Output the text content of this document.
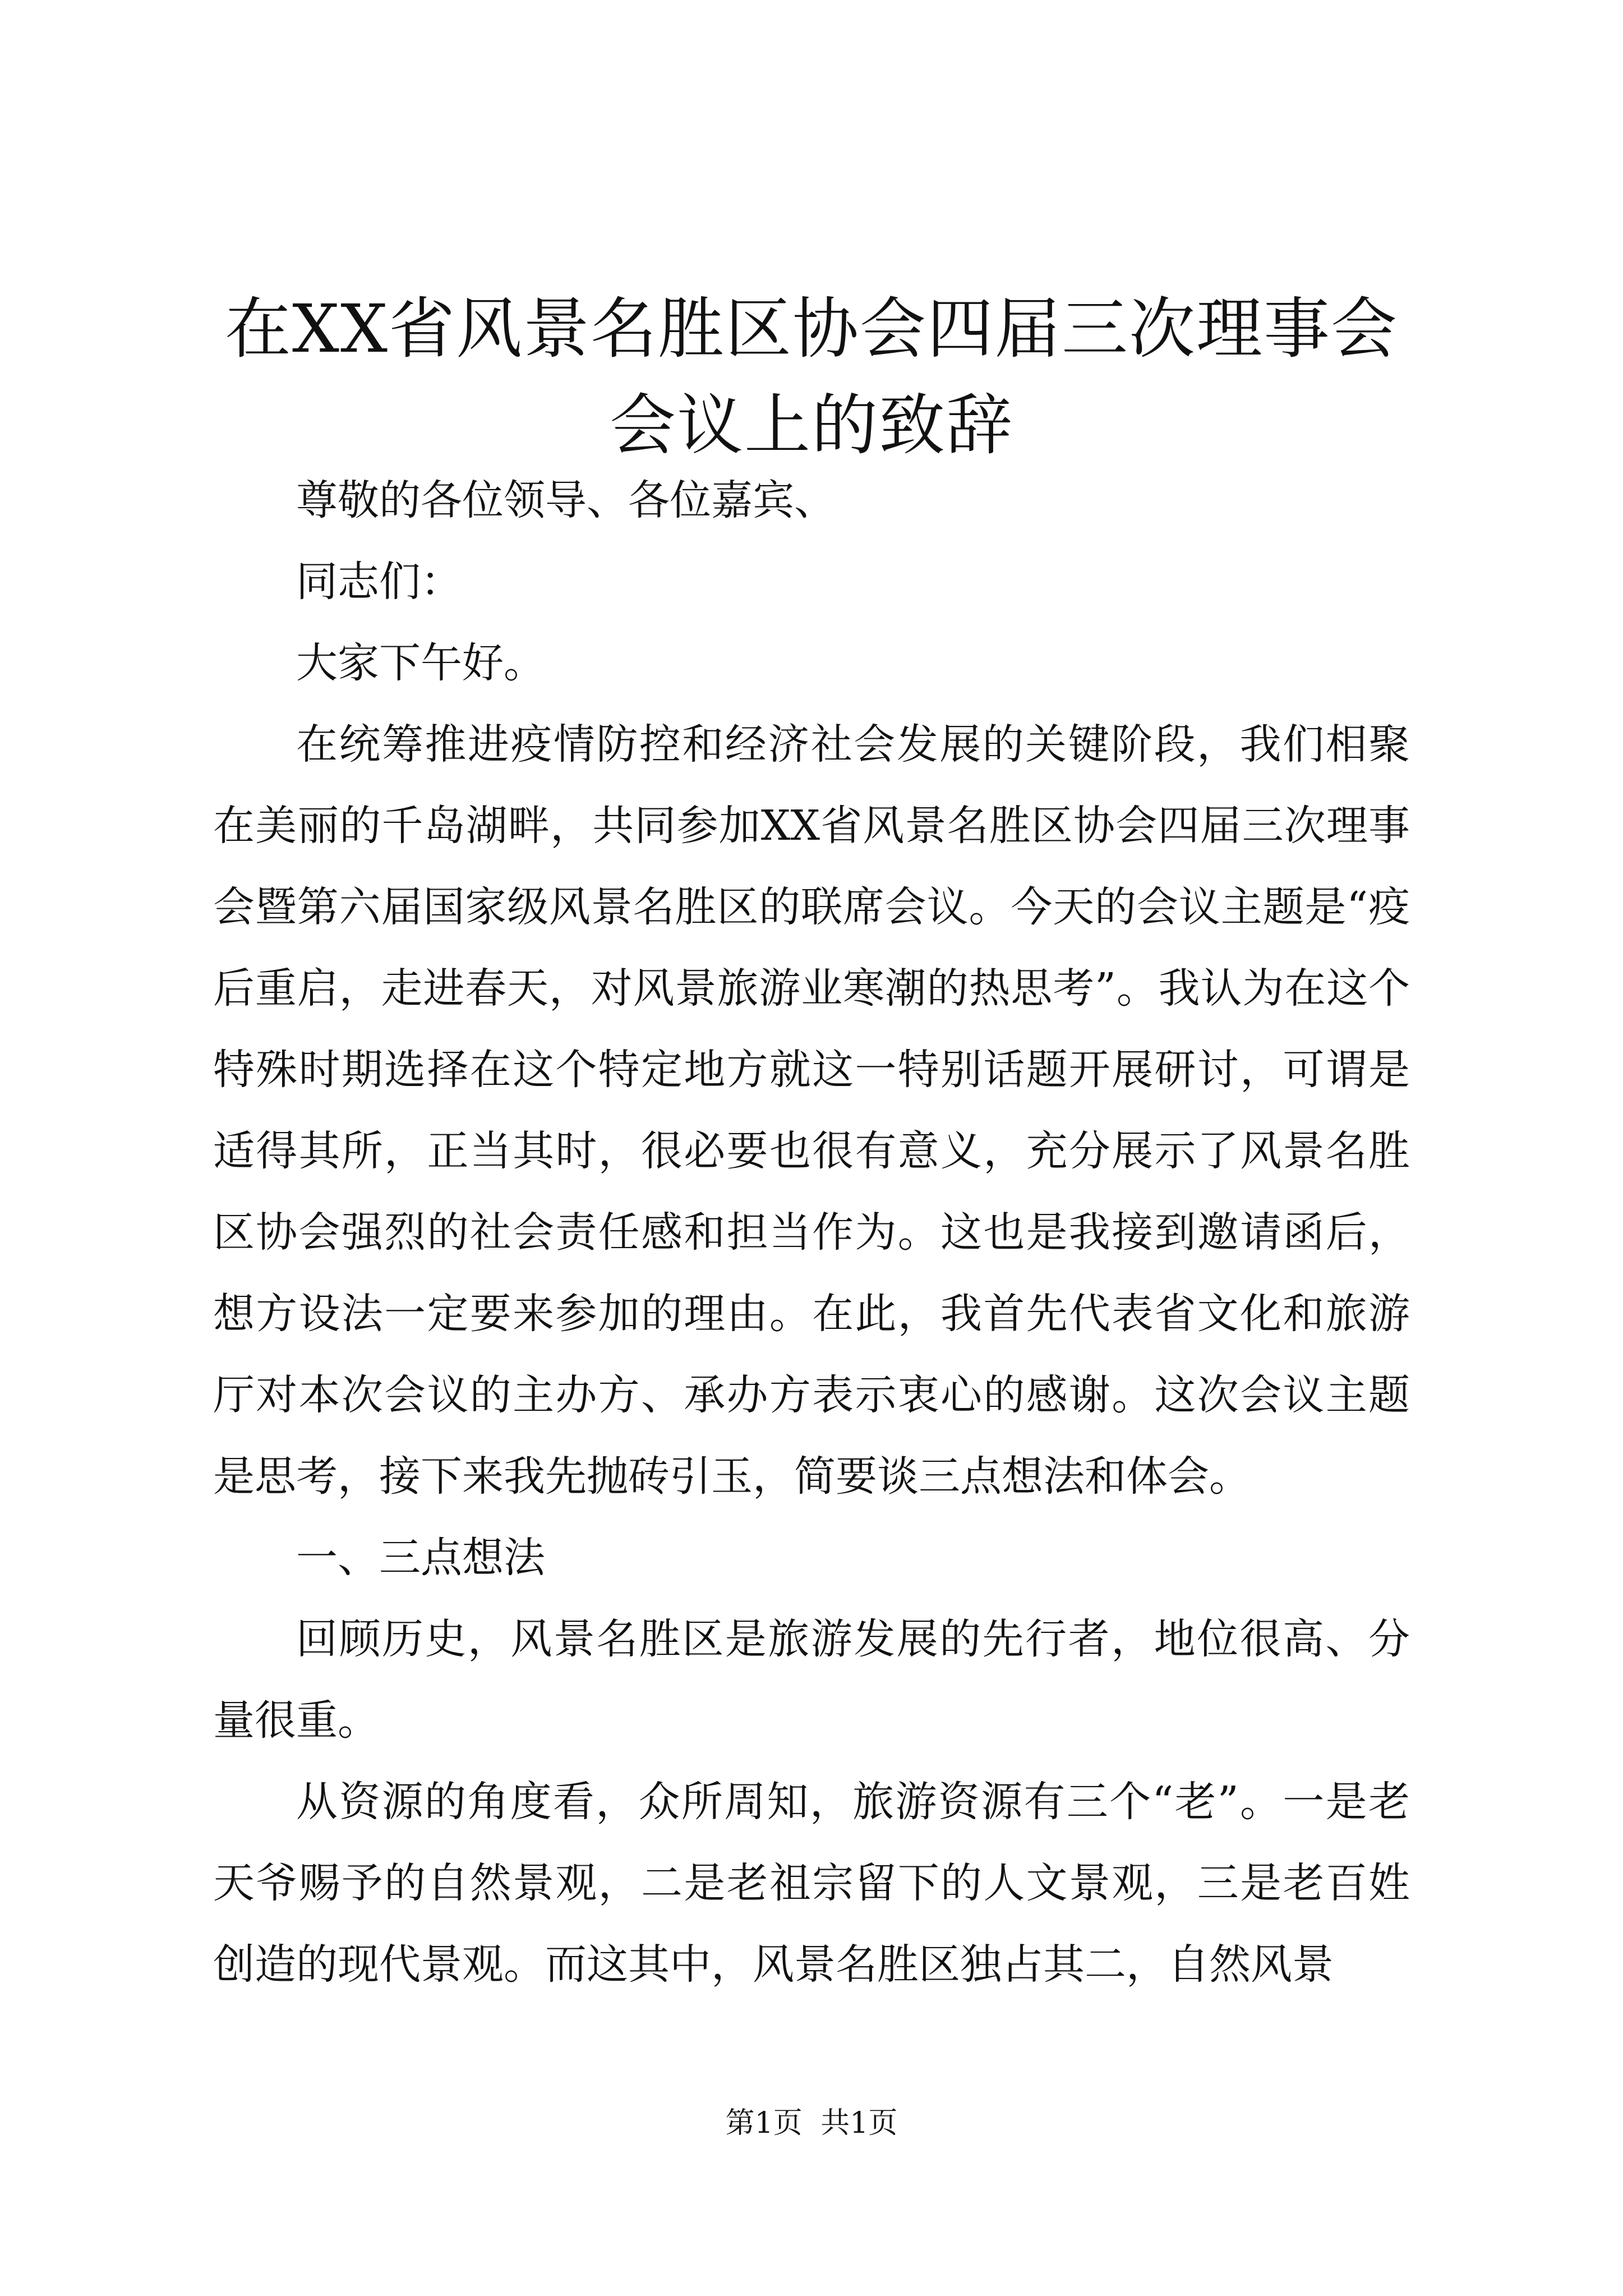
在XX省风景名胜区协会四届三次理事会会议上的致辞

尊敬的各位领导、各位嘉宾、

同志们：

大家下午好。

在统筹推进疫情防控和经济社会发展的关键阶段，我们相聚在美丽的千岛湖畔，共同参加XX省风景名胜区协会四届三次理事会暨第六届国家级风景名胜区的联席会议。今天的会议主题是“疫后重启，走进春天，对风景旅游业寒潮的热思考”。我认为在这个特殊时期选择在这个特定地方就这一特别话题开展研讨，可谓是适得其所，正当其时，很必要也很有意义，充分展示了风景名胜区协会强烈的社会责任感和担当作为。这也是我接到邀请函后，想方设法一定要来参加的理由。在此，我首先代表省文化和旅游厅对本次会议的主办方、承办方表示衷心的感谢。这次会议主题是思考，接下来我先抛砖引玉，简要谈三点想法和体会。

一、三点想法

回顾历史，风景名胜区是旅游发展的先行者，地位很高、分量很重。

从资源的角度看，众所周知，旅游资源有三个“老”。一是老天爷赐予的自然景观，二是老祖宗留下的人文景观，三是老百姓创造的现代景观。而这其中，风景名胜区独占其二，自然风景

第1页 共1页
